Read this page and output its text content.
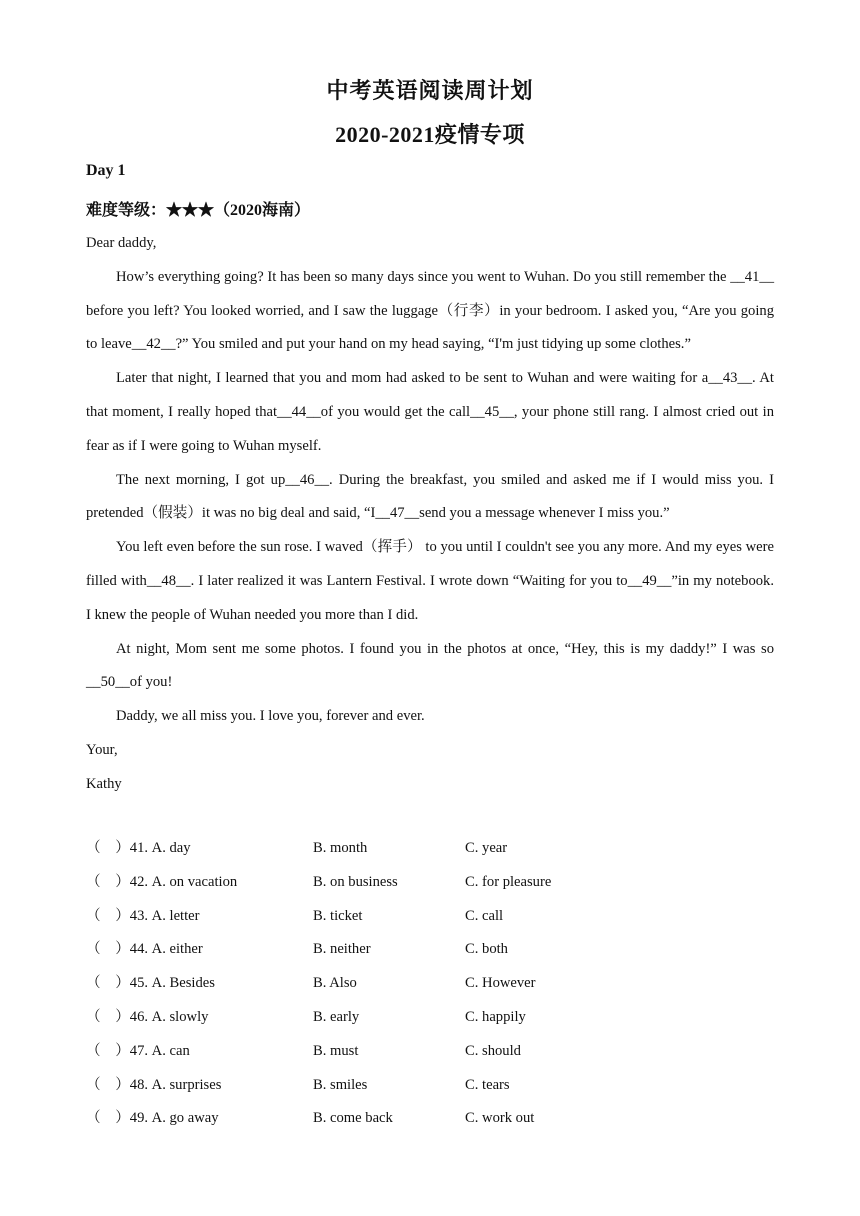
中考英语阅读周计划
2020-2021疫情专项
Day 1
难度等级：★★★（2020海南）

Dear daddy,

How’s everything going? It has been so many days since you went to Wuhan. Do you still remember the __41__ before you left? You looked worried, and I saw the luggage（行李）in your bedroom. I asked you, “Are you going to leave__42__?” You smiled and put your hand on my head saying, “I'm just tidying up some clothes.”

Later that night, I learned that you and mom had asked to be sent to Wuhan and were waiting for a__43__. At that moment, I really hoped that__44__of you would get the call__45__, your phone still rang. I almost cried out in fear as if I were going to Wuhan myself.

The next morning, I got up__46__. During the breakfast, you smiled and asked me if I would miss you. I pretended（假装）it was no big deal and said, “I__47__send you a message whenever I miss you.”

You left even before the sun rose. I waved（挥手） to you until I couldn't see you any more. And my eyes were filled with__48__. I later realized it was Lantern Festival. I wrote down “Waiting for you to__49__”in my notebook. I knew the people of Wuhan needed you more than I did.

At night, Mom sent me some photos. I found you in the photos at once, “Hey, this is my daddy!” I was so __50__of you!

Daddy, we all miss you. I love you, forever and ever.

Your,

Kathy

（　）41. A. day	B. month	C. year
（　）42. A. on vacation	B. on business	C. for pleasure
（　）43. A. letter	B. ticket	C. call
（　）44. A. either	B. neither	C. both
（　）45. A. Besides	B. Also	C. However
（　）46. A. slowly	B. early	C. happily
（　）47. A. can	B. must	C. should
（　）48. A. surprises	B. smiles	C. tears
（　）49. A. go away	B. come back	C. work out
